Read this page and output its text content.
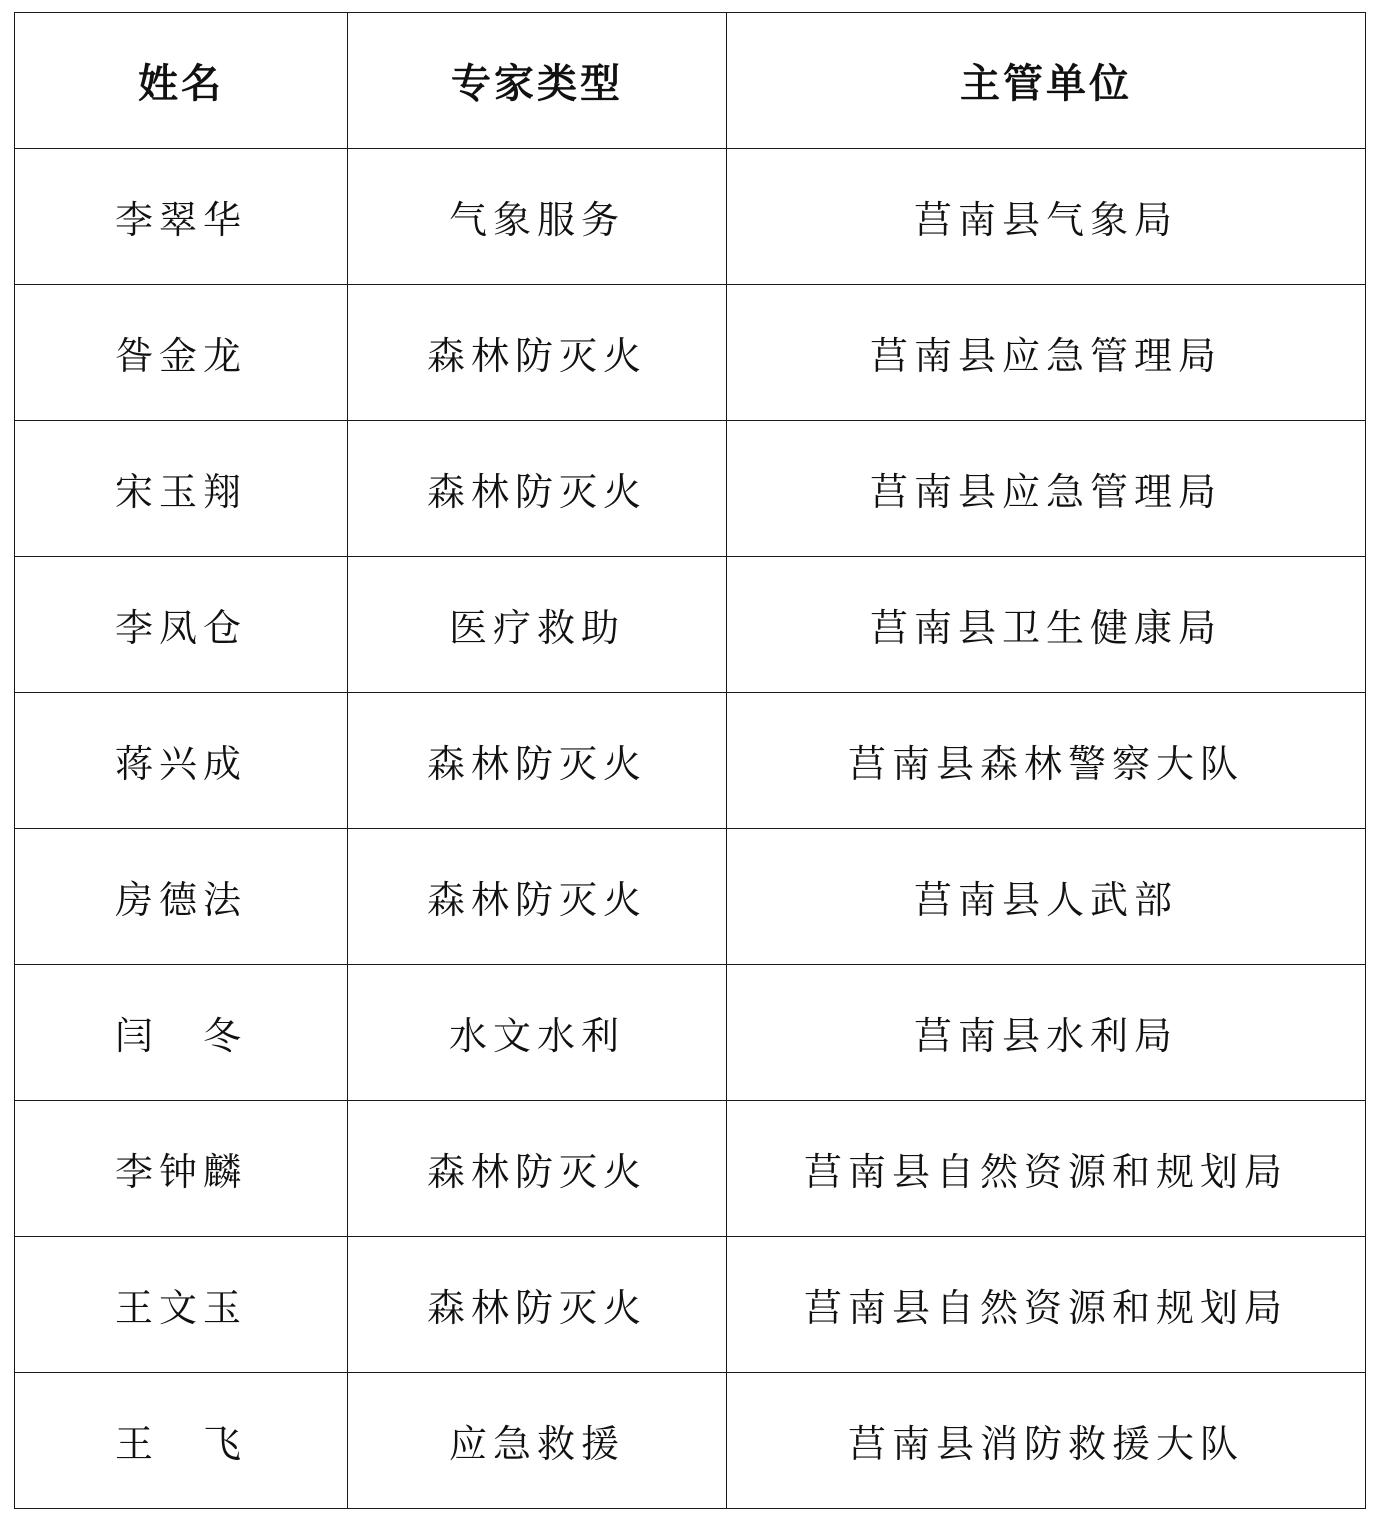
姓名	专家类型	主管单位
李翠华	气象服务	莒南县气象局
昝金龙	森林防灭火	莒南县应急管理局
宋玉翔	森林防灭火	莒南县应急管理局
李凤仓	医疗救助	莒南县卫生健康局
蒋兴成	森林防灭火	莒南县森林警察大队
房德法	森林防灭火	莒南县人武部
闫　冬	水文水利	莒南县水利局
李钟麟	森林防灭火	莒南县自然资源和规划局
王文玉	森林防灭火	莒南县自然资源和规划局
王　飞	应急救援	莒南县消防救援大队
